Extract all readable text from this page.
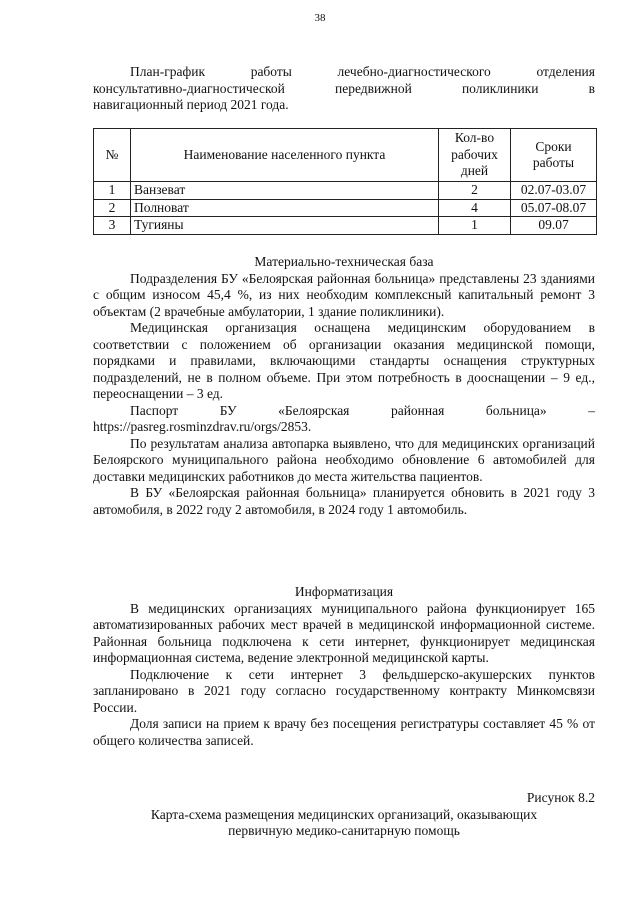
38
План-график работы лечебно-диагностического отделения
консультативно-диагностической передвижной поликлиники в
навигационный период 2021 года.
№	Наименование населенного пункта	Кол-во рабочих дней	Сроки работы
1	Ванзеват	2	02.07-03.07
2	Полноват	4	05.07-08.07
3	Тугияны	1	09.07
Материально-техническая база
Подразделения БУ «Белоярская районная больница» представлены 23 зданиями с общим износом 45,4 %, из них необходим комплексный капитальный ремонт 3 объектам (2 врачебные амбулатории, 1 здание поликлиники).
Медицинская организация оснащена медицинским оборудованием в соответствии с положением об организации оказания медицинской помощи, порядками и правилами, включающими стандарты оснащения структурных подразделений, не в полном объеме. При этом потребность в дооснащении – 9 ед., переоснащении – 3 ед.
Паспорт БУ «Белоярская районная больница» –
https://pasreg.rosminzdrav.ru/orgs/2853.
По результатам анализа автопарка выявлено, что для медицинских организаций Белоярского муниципального района необходимо обновление 6 автомобилей для доставки медицинских работников до места жительства пациентов.
В БУ «Белоярская районная больница» планируется обновить в 2021 году 3 автомобиля, в 2022 году 2 автомобиля, в 2024 году 1 автомобиль.
Информатизация
В медицинских организациях муниципального района функционирует 165 автоматизированных рабочих мест врачей в медицинской информационной системе. Районная больница подключена к сети интернет, функционирует медицинская информационная система, ведение электронной медицинской карты.
Подключение к сети интернет 3 фельдшерско-акушерских пунктов запланировано в 2021 году согласно государственному контракту Минкомсвязи России.
Доля записи на прием к врачу без посещения регистратуры составляет 45 % от общего количества записей.
Рисунок 8.2
Карта-схема размещения медицинских организаций, оказывающих
первичную медико-санитарную помощь
